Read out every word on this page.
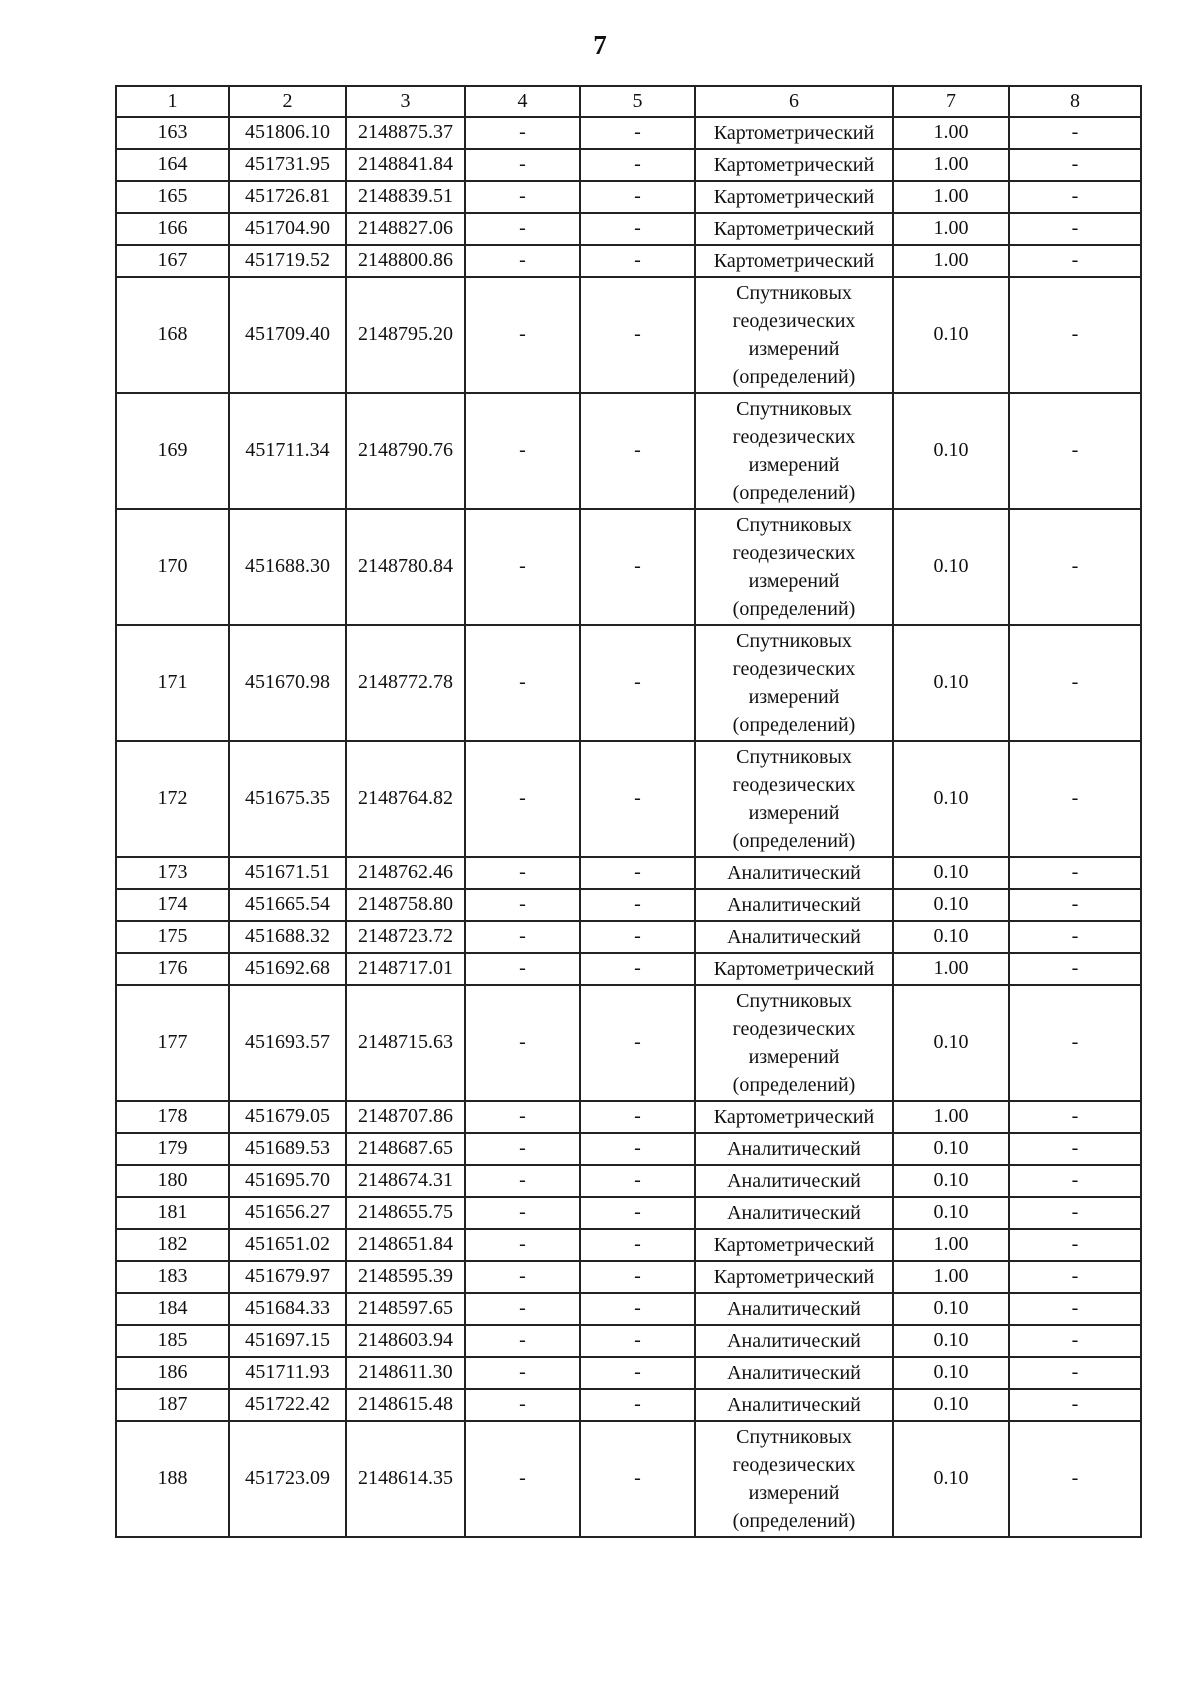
7
1	2	3	4	5	6	7	8
163	451806.10	2148875.37	-	-	Картометрический	1.00	-
164	451731.95	2148841.84	-	-	Картометрический	1.00	-
165	451726.81	2148839.51	-	-	Картометрический	1.00	-
166	451704.90	2148827.06	-	-	Картометрический	1.00	-
167	451719.52	2148800.86	-	-	Картометрический	1.00	-
168	451709.40	2148795.20	-	-	Спутниковых геодезических измерений (определений)	0.10	-
169	451711.34	2148790.76	-	-	Спутниковых геодезических измерений (определений)	0.10	-
170	451688.30	2148780.84	-	-	Спутниковых геодезических измерений (определений)	0.10	-
171	451670.98	2148772.78	-	-	Спутниковых геодезических измерений (определений)	0.10	-
172	451675.35	2148764.82	-	-	Спутниковых геодезических измерений (определений)	0.10	-
173	451671.51	2148762.46	-	-	Аналитический	0.10	-
174	451665.54	2148758.80	-	-	Аналитический	0.10	-
175	451688.32	2148723.72	-	-	Аналитический	0.10	-
176	451692.68	2148717.01	-	-	Картометрический	1.00	-
177	451693.57	2148715.63	-	-	Спутниковых геодезических измерений (определений)	0.10	-
178	451679.05	2148707.86	-	-	Картометрический	1.00	-
179	451689.53	2148687.65	-	-	Аналитический	0.10	-
180	451695.70	2148674.31	-	-	Аналитический	0.10	-
181	451656.27	2148655.75	-	-	Аналитический	0.10	-
182	451651.02	2148651.84	-	-	Картометрический	1.00	-
183	451679.97	2148595.39	-	-	Картометрический	1.00	-
184	451684.33	2148597.65	-	-	Аналитический	0.10	-
185	451697.15	2148603.94	-	-	Аналитический	0.10	-
186	451711.93	2148611.30	-	-	Аналитический	0.10	-
187	451722.42	2148615.48	-	-	Аналитический	0.10	-
188	451723.09	2148614.35	-	-	Спутниковых геодезических измерений (определений)	0.10	-
